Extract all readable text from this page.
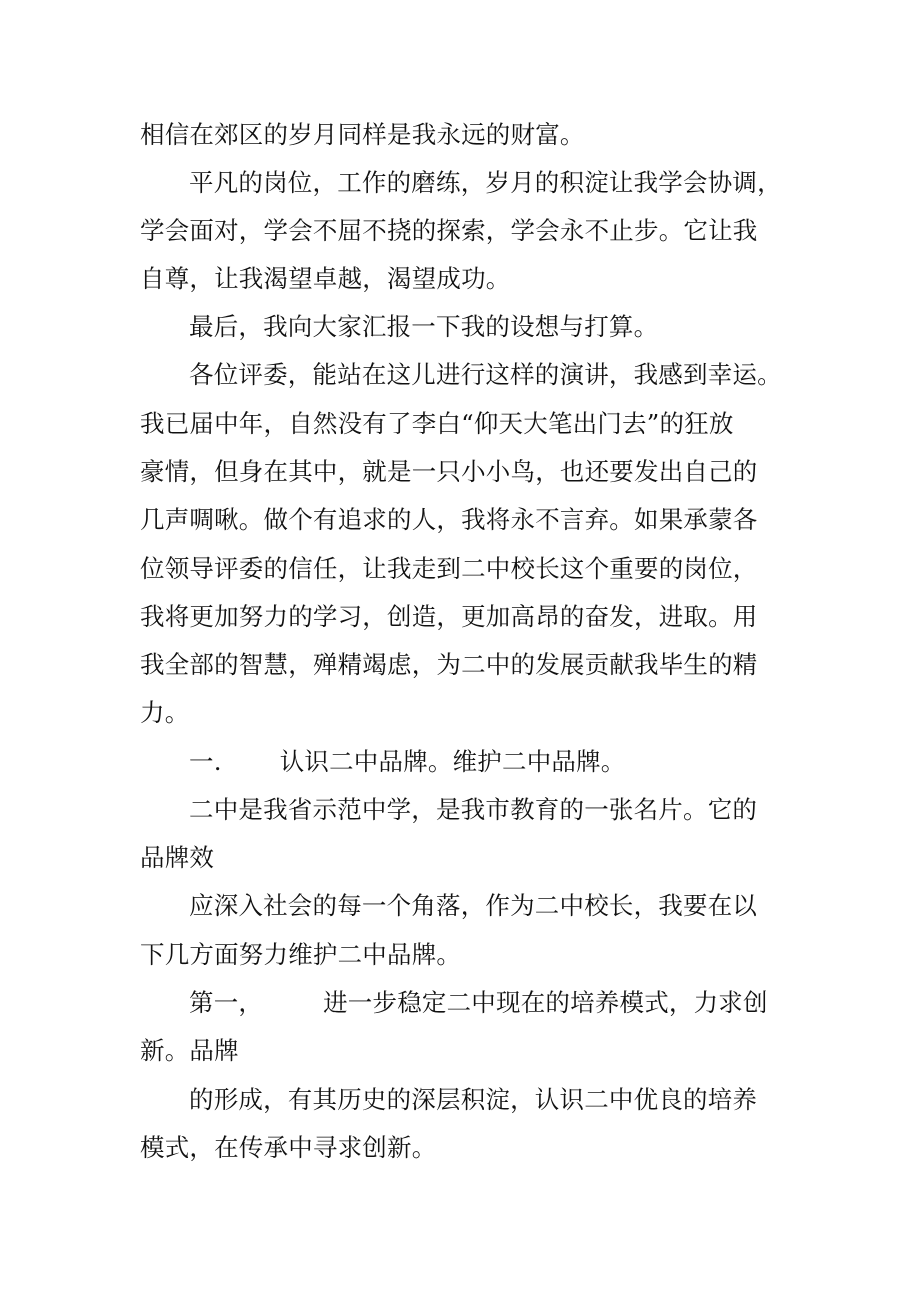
相信在郊区的岁月同样是我永远的财富。
平凡的岗位，工作的磨练，岁月的积淀让我学会协调，
学会面对，学会不屈不挠的探索，学会永不止步。它让我
自尊，让我渴望卓越，渴望成功。
最后，我向大家汇报一下我的设想与打算。
各位评委，能站在这儿进行这样的演讲，我感到幸运。
我已届中年，自然没有了李白“仰天大笔出门去”的狂放
豪情，但身在其中，就是一只小小鸟，也还要发出自己的
几声啁啾。做个有追求的人，我将永不言弃。如果承蒙各
位领导评委的信任，让我走到二中校长这个重要的岗位，
我将更加努力的学习，创造，更加高昂的奋发，进取。用
我全部的智慧，殚精竭虑，为二中的发展贡献我毕生的精
力。
一. 认识二中品牌。维护二中品牌。
二中是我省示范中学，是我市教育的一张名片。它的
品牌效
应深入社会的每一个角落，作为二中校长，我要在以
下几方面努力维护二中品牌。
第一， 进一步稳定二中现在的培养模式，力求创
新。品牌
的形成，有其历史的深层积淀，认识二中优良的培养
模式，在传承中寻求创新。
